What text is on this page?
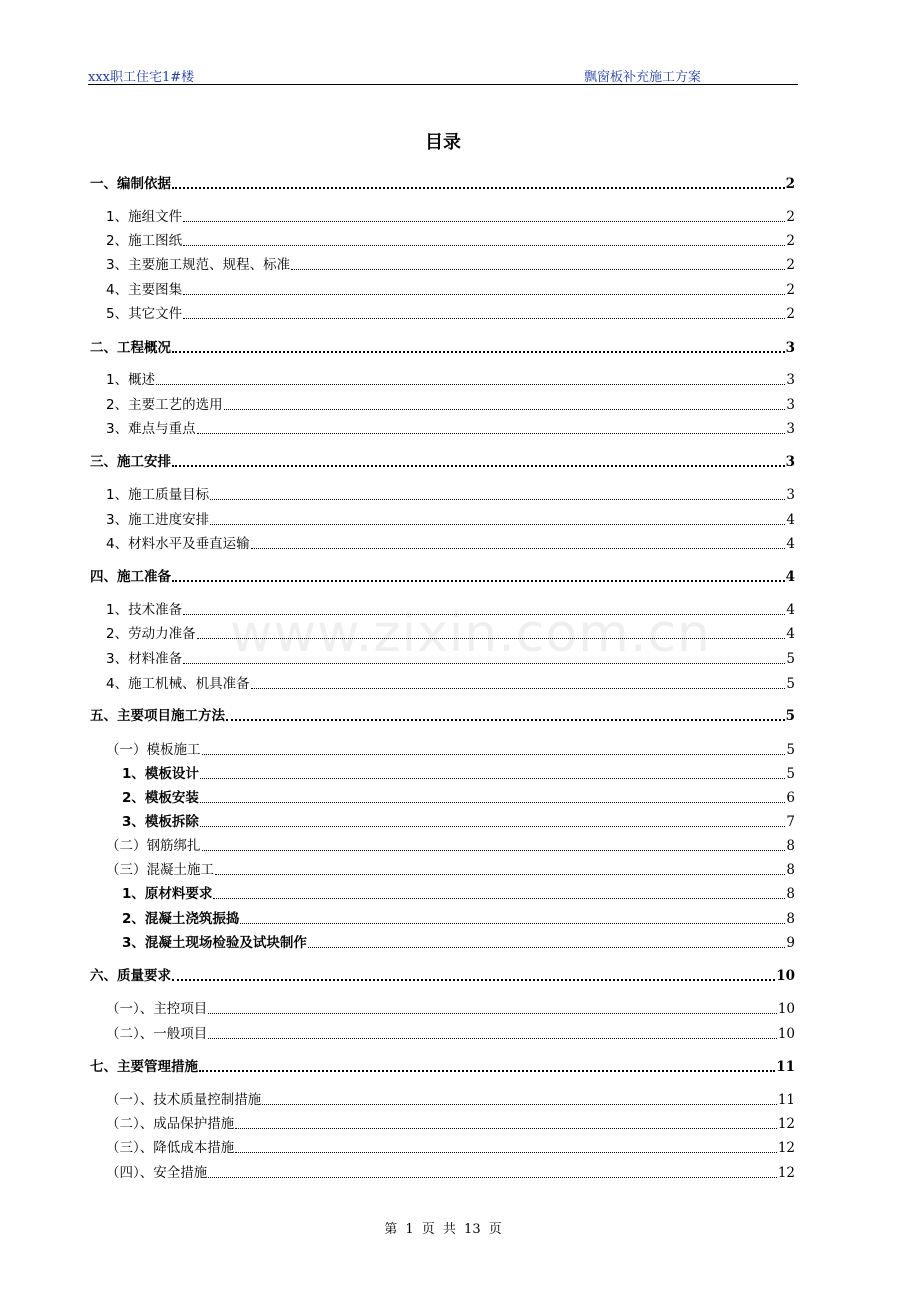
xxx职工住宅1#楼	飘窗板补充施工方案
www.zixin.com.cn
目录
一、编制依据	2
1、施组文件	2
2、施工图纸	2
3、主要施工规范、规程、标准	2
4、主要图集	2
5、其它文件	2
二、工程概况	3
1、概述	3
2、主要工艺的选用	3
3、难点与重点	3
三、施工安排	3
1、施工质量目标	3
3、施工进度安排	4
4、材料水平及垂直运输	4
四、施工准备	4
1、技术准备	4
2、劳动力准备	4
3、材料准备	5
4、施工机械、机具准备	5
五、主要项目施工方法	5
（一）模板施工	5
1、模板设计	5
2、模板安装	6
3、模板拆除	7
（二）钢筋绑扎	8
（三）混凝土施工	8
1、原材料要求	8
2、混凝土浇筑振捣	8
3、混凝土现场检验及试块制作	9
六、质量要求	10
（一）、主控项目	10
（二）、一般项目	10
七、主要管理措施	11
（一）、技术质量控制措施	11
（二）、成品保护措施	12
（三）、降低成本措施	12
（四）、安全措施	12
第 1 页 共 13 页
